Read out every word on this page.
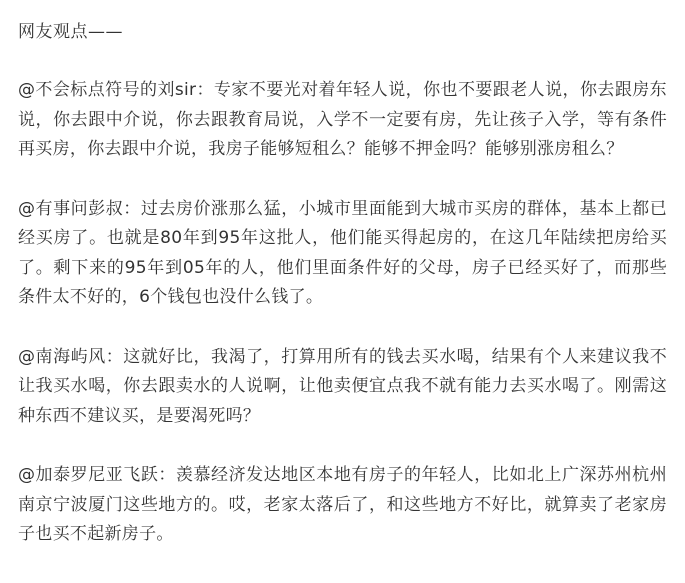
网友观点——

@不会标点符号的刘sir：专家不要光对着年轻人说，你也不要跟老人说，你去跟房东说，你去跟中介说，你去跟教育局说，入学不一定要有房，先让孩子入学，等有条件再买房，你去跟中介说，我房子能够短租么？能够不押金吗？能够别涨房租么？

@有事问彭叔：过去房价涨那么猛，小城市里面能到大城市买房的群体，基本上都已经买房了。也就是80年到95年这批人，他们能买得起房的，在这几年陆续把房给买了。剩下来的95年到05年的人，他们里面条件好的父母，房子已经买好了，而那些条件太不好的，6个钱包也没什么钱了。

@南海屿风：这就好比，我渴了，打算用所有的钱去买水喝，结果有个人来建议我不让我买水喝，你去跟卖水的人说啊，让他卖便宜点我不就有能力去买水喝了。刚需这种东西不建议买，是要渴死吗？

@加泰罗尼亚飞跃：羡慕经济发达地区本地有房子的年轻人，比如北上广深苏州杭州南京宁波厦门这些地方的。哎，老家太落后了，和这些地方不好比，就算卖了老家房子也买不起新房子。
